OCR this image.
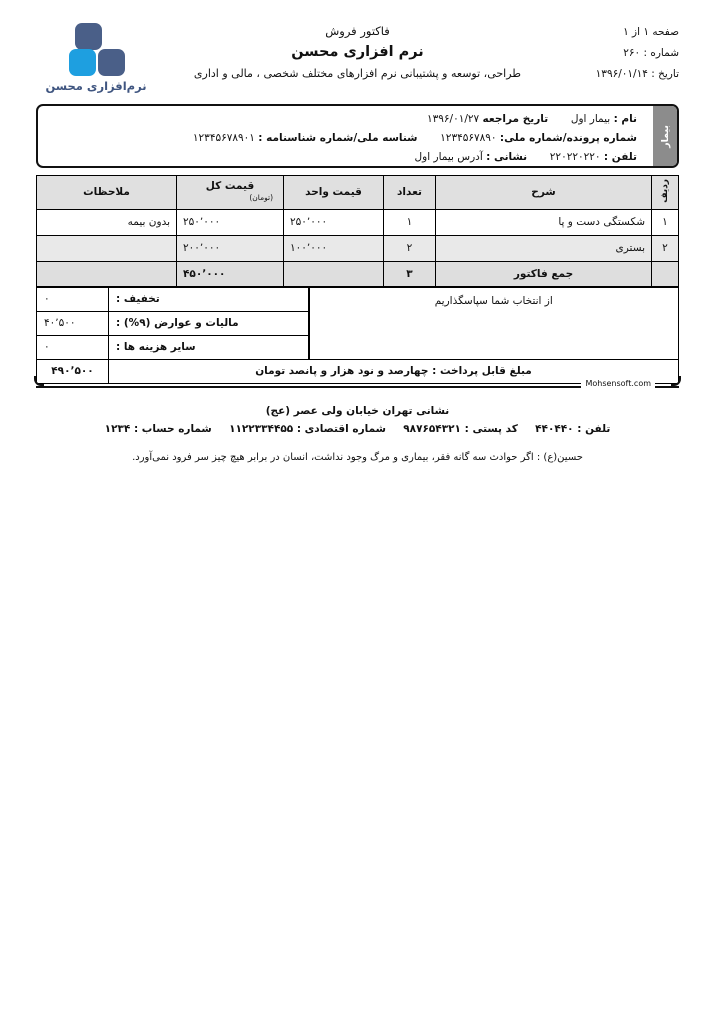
نرم‌افزاری محسن
فاکتور فروش
نرم افزاری محسن
طراحی، توسعه و پشتیبانی نرم افزارهای مختلف شخصی ، مالی و اداری
صفحه ۱ از ۱
شماره : ۲۶۰
تاریخ : ۱۳۹۶/۰۱/۱۴
بیمار
نام : بیمار اول  تاریخ مراجعه ۱۳۹۶/۰۱/۲۷
شماره پرونده/شماره ملی: ۱۲۳۴۵۶۷۸۹۰  شناسه ملی/شماره شناسنامه : ۱۲۳۴۵۶۷۸۹۰۱
تلفن : ۲۲۰۲۲۰۲۲۰  نشانی : آدرس بیمار اول
ردیف	شرح	تعداد	قیمت واحد	قیمت کل
(تومان)	ملاحظات
۱	شکستگی دست و پا	۱	۲۵۰٬۰۰۰	۲۵۰٬۰۰۰	بدون بیمه
۲	بستری	۲	۱۰۰٬۰۰۰	۲۰۰٬۰۰۰	
	جمع فاکتور	۳		۴۵۰٬۰۰۰	
از انتخاب شما سپاسگذاریم	تخفیف :	۰
	مالیات و عوارض (۹%) :	۴۰٬۵۰۰
	سایر هزینه ها :	۰
مبلغ قابل پرداخت : چهارصد و نود هزار و پانصد تومان		۴۹۰٬۵۰۰
Mohsensoft.com
نشانی تهران خیابان ولی عصر (عج)
تلفن : ۴۴۰۴۴۰  کد پستی : ۹۸۷۶۵۴۳۲۱  شماره اقتصادی : ۱۱۲۲۳۳۴۴۵۵  شماره حساب : ۱۲۳۴
حسین(ع) : اگر حوادث سه گانه فقر، بیماری و مرگ وجود نداشت، انسان در برابر هیچ چیز سر فرود نمی‌آورد.
